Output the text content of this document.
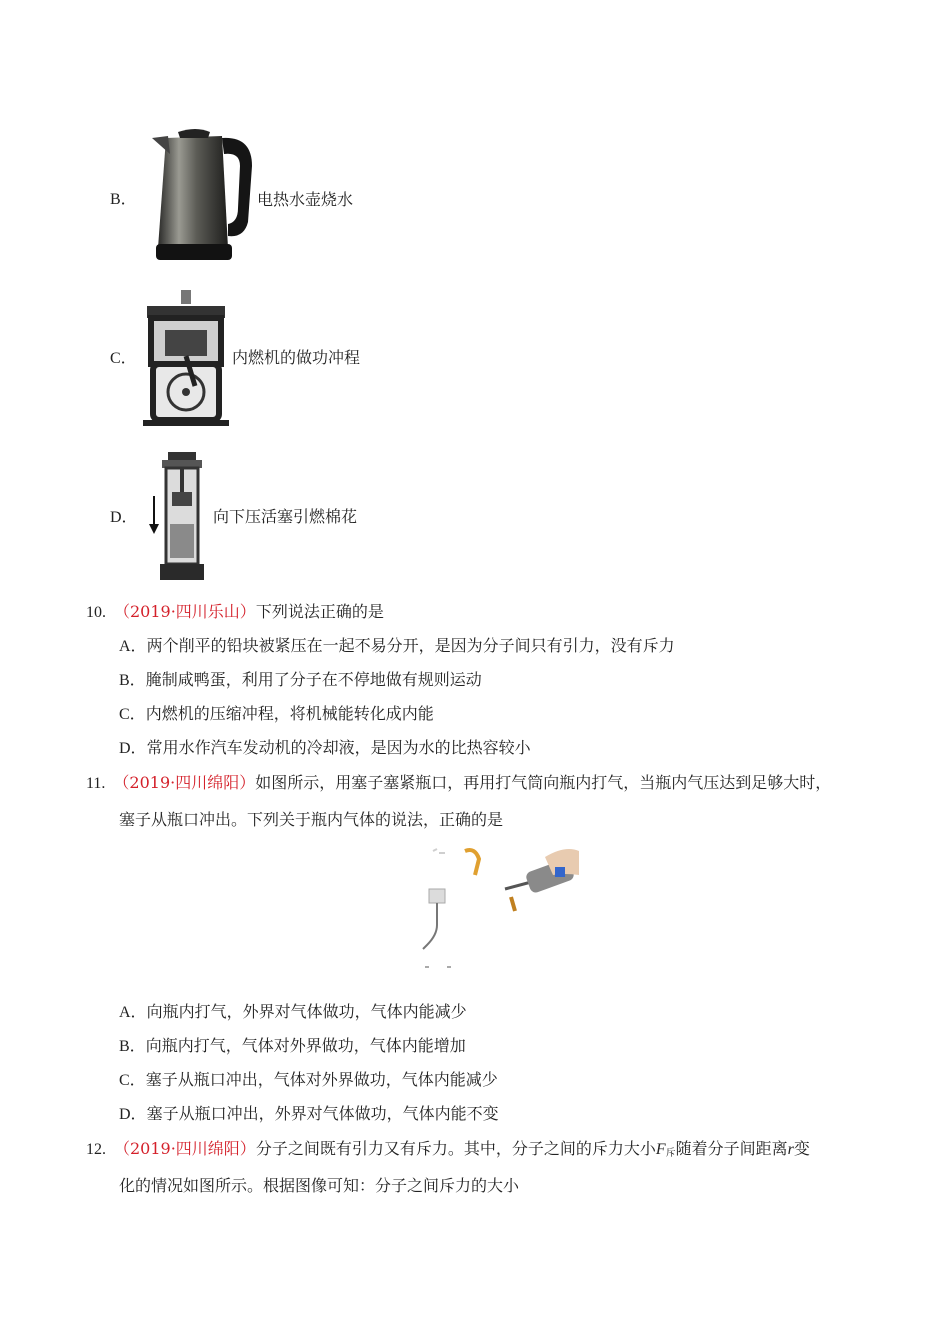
B．	电热水壶烧水
C．	内燃机的做功冲程
D．	向下压活塞引燃棉花
10. （2019·四川乐山）下列说法正确的是
A．两个削平的铅块被紧压在一起不易分开，是因为分子间只有引力，没有斥力
B．腌制咸鸭蛋，利用了分子在不停地做有规则运动
C．内燃机的压缩冲程，将机械能转化成内能
D．常用水作汽车发动机的冷却液，是因为水的比热容较小
11. （2019·四川绵阳）如图所示，用塞子塞紧瓶口，再用打气筒向瓶内打气，当瓶内气压达到足够大时，
塞子从瓶口冲出。下列关于瓶内气体的说法，正确的是
A．向瓶内打气，外界对气体做功，气体内能减少
B．向瓶内打气，气体对外界做功，气体内能增加
C．塞子从瓶口冲出，气体对外界做功，气体内能减少
D．塞子从瓶口冲出，外界对气体做功，气体内能不变
12. （2019·四川绵阳）分子之间既有引力又有斥力。其中，分子之间的斥力大小$F_斥$随着分子间距离r变
化的情况如图所示。根据图像可知：分子之间斥力的大小
